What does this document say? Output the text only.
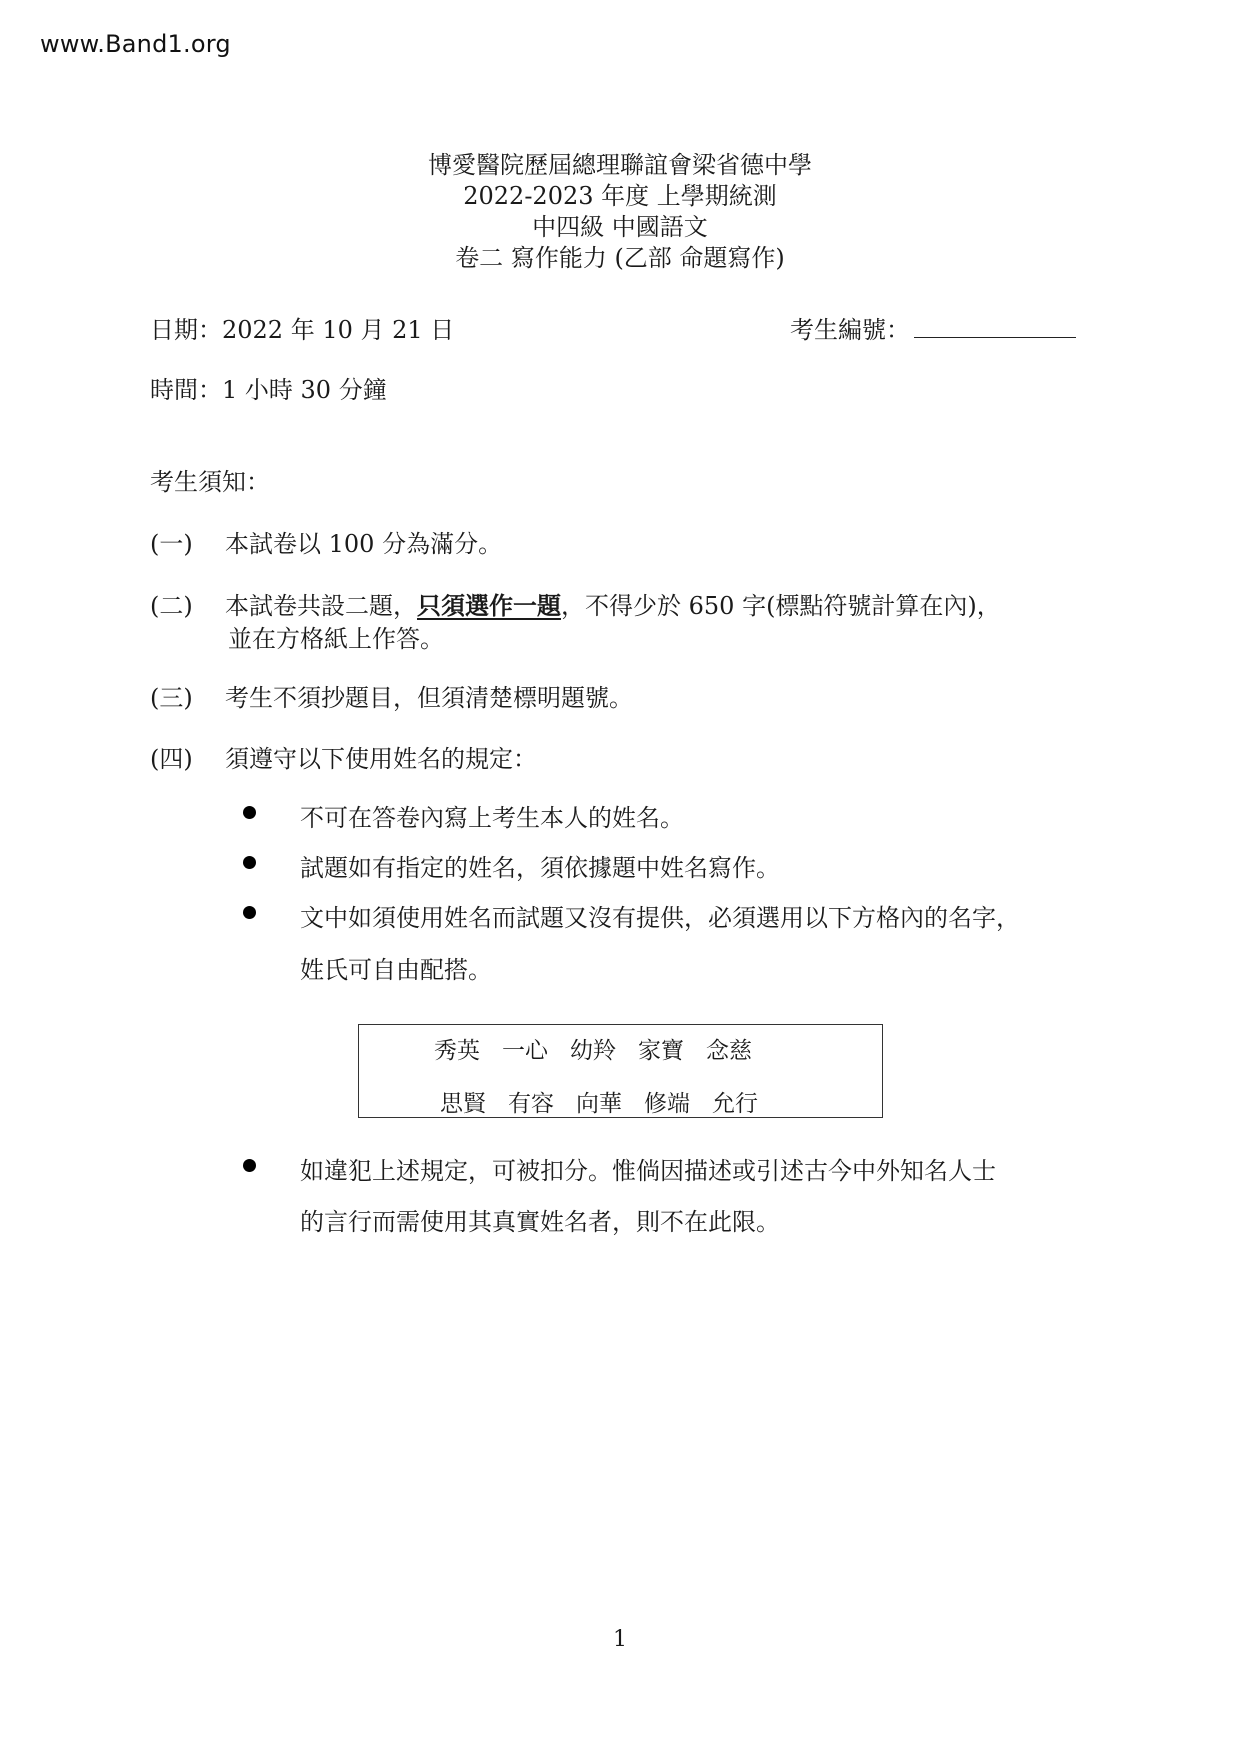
www.Band1.org
博愛醫院歷屆總理聯誼會梁省德中學
2022-2023 年度 上學期統測
中四級 中國語文
卷二 寫作能力 (乙部 命題寫作)
日期：2022 年 10 月 21 日	考生編號：
時間：1 小時 30 分鐘
考生須知：
(一) 本試卷以 100 分為滿分。
(二) 本試卷共設二題，只須選作一題，不得少於 650 字(標點符號計算在內)，
並在方格紙上作答。
(三) 考生不須抄題目，但須清楚標明題號。
(四) 須遵守以下使用姓名的規定：
不可在答卷內寫上考生本人的姓名。
試題如有指定的姓名，須依據題中姓名寫作。
文中如須使用姓名而試題又沒有提供，必須選用以下方格內的名字，
姓氏可自由配搭。
秀英 一心 幼羚 家寶 念慈
思賢 有容 向華 修端 允行
如違犯上述規定，可被扣分。惟倘因描述或引述古今中外知名人士
的言行而需使用其真實姓名者，則不在此限。
1
